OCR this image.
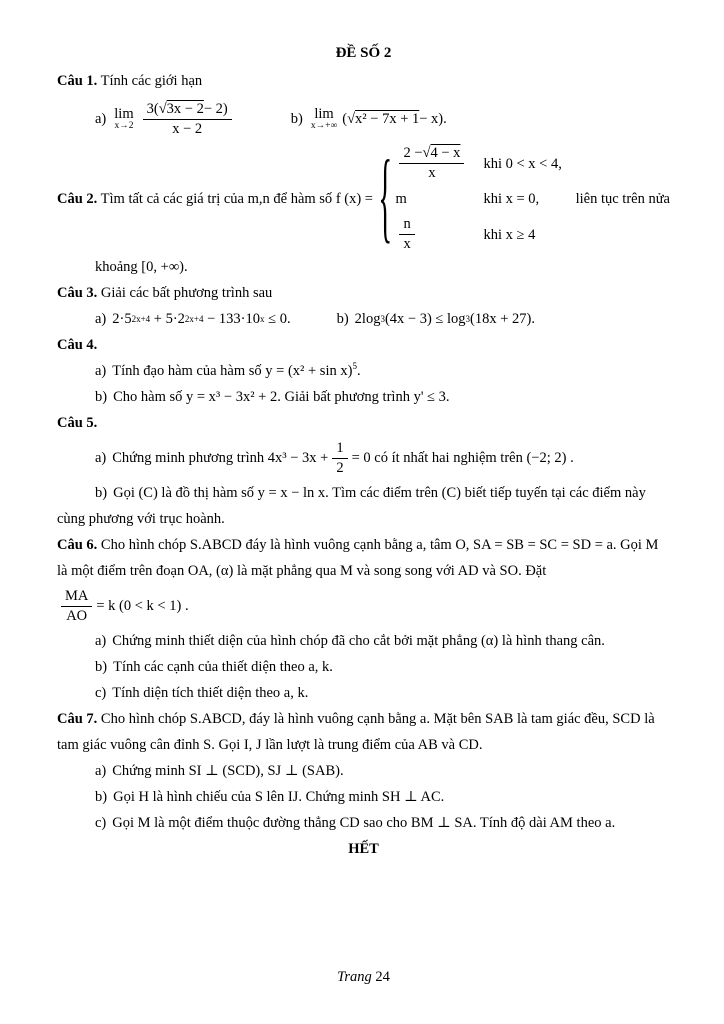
ĐỀ SỐ 2
Câu 1. Tính các giới hạn
a) lim
$x\to 2 \frac{3(√3x - 2- 2)}{x - 2}$	b) lim
x→+∞ ( √x² − 7x + 1 − x).
Câu 2. Tìm tất cả các giá trị của m,n để hàm số f (x) = { $\frac{2 -√4 - x}{x}$ khi 0 < x < 4,
m	khi x = 0,
$\frac{n}{x}$	khi x ≥ 4
liên tục trên nửa
khoảng [0, +∞).
Câu 3. Giải các bất phương trình sau
a) 2·5 2x+4
+ 5·2 2x+4
− 133·10 x
≤ 0.	b) 2log 3 (4x − 3) ≤ log 3 (18x + 27).
Câu 4.
a) Tính đạo hàm của hàm số $y = (x^2 + \sin x)^5$.
b) Cho hàm số y = x³ − 3x² + 2. Giải bất phương trình y' ≤ 3.
Câu 5.
a) Chứng minh phương trình $4x^3 - 3x + \frac{1}{2} = 0$ có ít nhất hai nghiệm trên (−2; 2) .
b) Gọi (C) là đồ thị hàm số y = x − ln x. Tìm các điểm trên (C) biết tiếp tuyến tại các điểm này
cùng phương với trục hoành.
Câu 6. Cho hình chóp S.ABCD đáy là hình vuông cạnh bằng a, tâm O, SA = SB = SC = SD = a. Gọi M
là một điểm trên đoạn OA, (α) là mặt phẳng qua M và song song với AD và SO. Đặt
$\frac{MA}{AO} = k$ (0 < k < 1) .
a) Chứng minh thiết diện của hình chóp đã cho cắt bởi mặt phẳng (α) là hình thang cân.
b) Tính các cạnh của thiết diện theo a, k.
c) Tính diện tích thiết diện theo a, k.
Câu 7. Cho hình chóp S.ABCD, đáy là hình vuông cạnh bằng a. Mặt bên SAB là tam giác đều, SCD là
tam giác vuông cân đỉnh S. Gọi I, J lần lượt là trung điểm của AB và CD.
a) Chứng minh SI ⊥ (SCD), SJ ⊥ (SAB).
b) Gọi H là hình chiếu của S lên IJ. Chứng minh SH ⊥ AC.
c) Gọi M là một điểm thuộc đường thẳng CD sao cho BM ⊥ SA. Tính độ dài AM theo a.
HẾT
Trang 24
